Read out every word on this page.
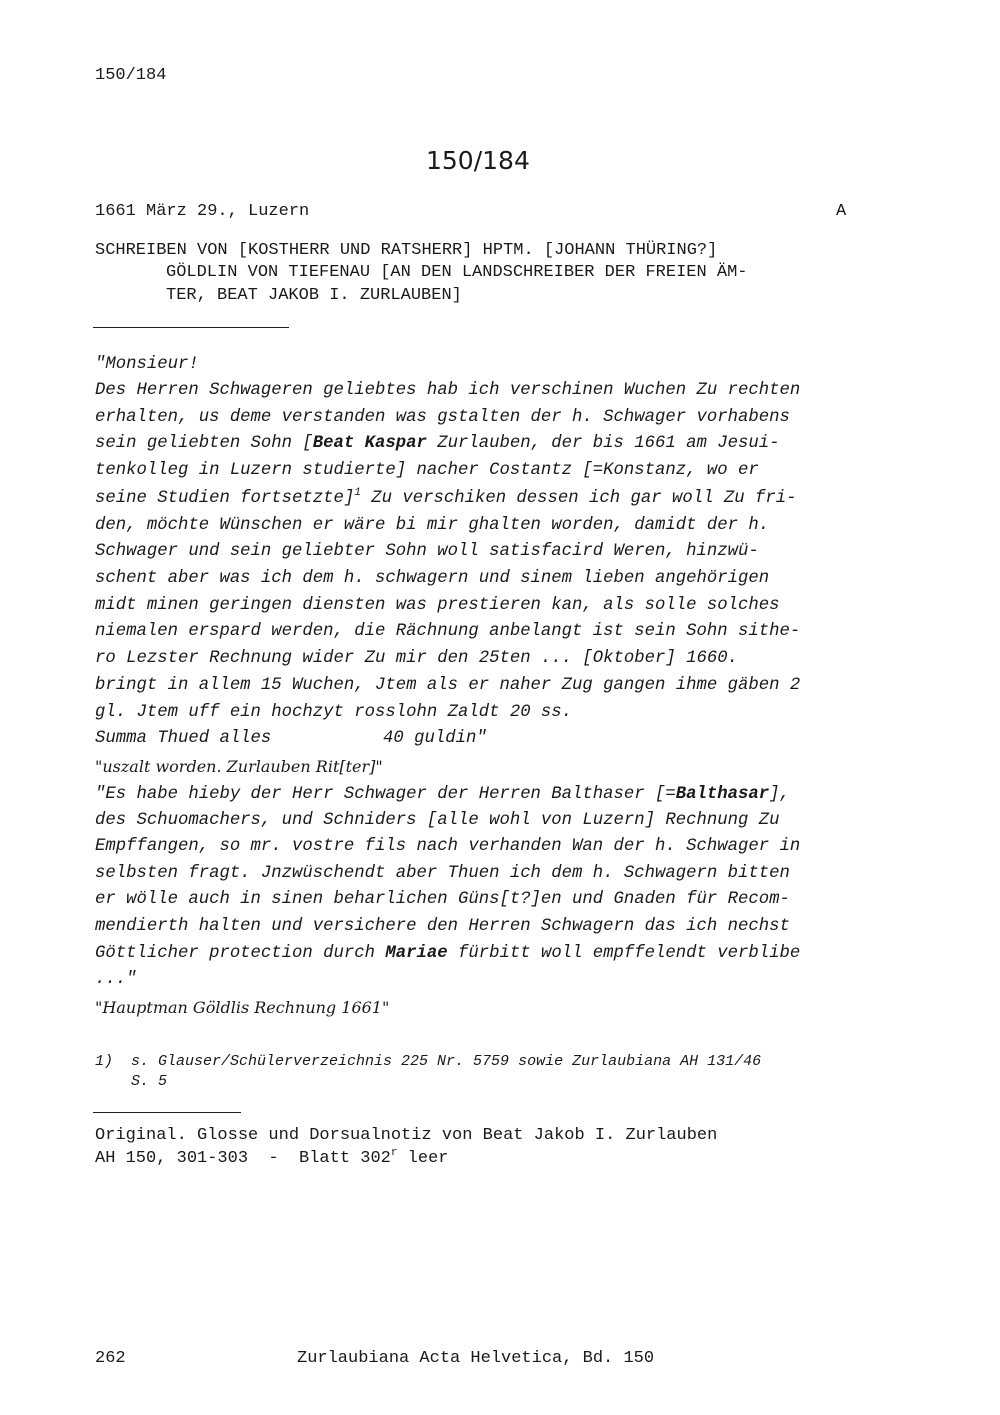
150/184
150/184
1661 März 29., Luzern	A
SCHREIBEN VON [KOSTHERR UND RATSHERR] HPTM. [JOHANN THÜRING?]
GÖLDLIN VON TIEFENAU [AN DEN LANDSCHREIBER DER FREIEN ÄM-
TER, BEAT JAKOB I. ZURLAUBEN]
"Monsieur!
Des Herren Schwageren geliebtes hab ich verschinen Wuchen Zu rechten
erhalten, us deme verstanden was gstalten der h. Schwager vorhabens
sein geliebten Sohn [Beat Kaspar Zurlauben, der bis 1661 am Jesui-
tenkolleg in Luzern studierte] nacher Costantz [=Konstanz, wo er
seine Studien fortsetzte]$^1$ Zu verschiken dessen ich gar woll Zu fri-
den, möchte Wünschen er wäre bi mir ghalten worden, damidt der h.
Schwager und sein geliebter Sohn woll satisfacird Weren, hinzwü-
schent aber was ich dem h. schwagern und sinem lieben angehörigen
midt minen geringen diensten was prestieren kan, als solle solches
niemalen erspard werden, die Rächnung anbelangt ist sein Sohn sithe-
ro Lezster Rechnung wider Zu mir den 25ten ... [Oktober] 1660.
bringt in allem 15 Wuchen, Jtem als er naher Zug gangen ihme gäben 2
gl. Jtem uff ein hochzyt rosslohn Zaldt 20 ss.
Summa Thued alles	40 guldin"
"uszalt worden. Zurlauben Rit[ter]"
"Es habe hieby der Herr Schwager der Herren Balthaser [=Balthasar],
des Schuomachers, und Schniders [alle wohl von Luzern] Rechnung Zu
Empffangen, so mr. vostre fils nach verhanden Wan der h. Schwager in
selbsten fragt. Jnzwüschendt aber Thuen ich dem h. Schwagern bitten
er wölle auch in sinen beharlichen Güns[t?]en und Gnaden für Recom-
mendierth halten und versichere den Herren Schwagern das ich nechst
Göttlicher protection durch Mariae fürbitt woll empffelendt verblibe
..."
"Hauptman Göldlis Rechnung 1661"
1) s. Glauser/Schülerverzeichnis 225 Nr. 5759 sowie Zurlaubiana AH 131/46
S. 5
Original. Glosse und Dorsualnotiz von Beat Jakob I. Zurlauben
AH 150, 301-303  -  Blatt 302$^r$ leer
262	Zurlaubiana Acta Helvetica, Bd. 150
